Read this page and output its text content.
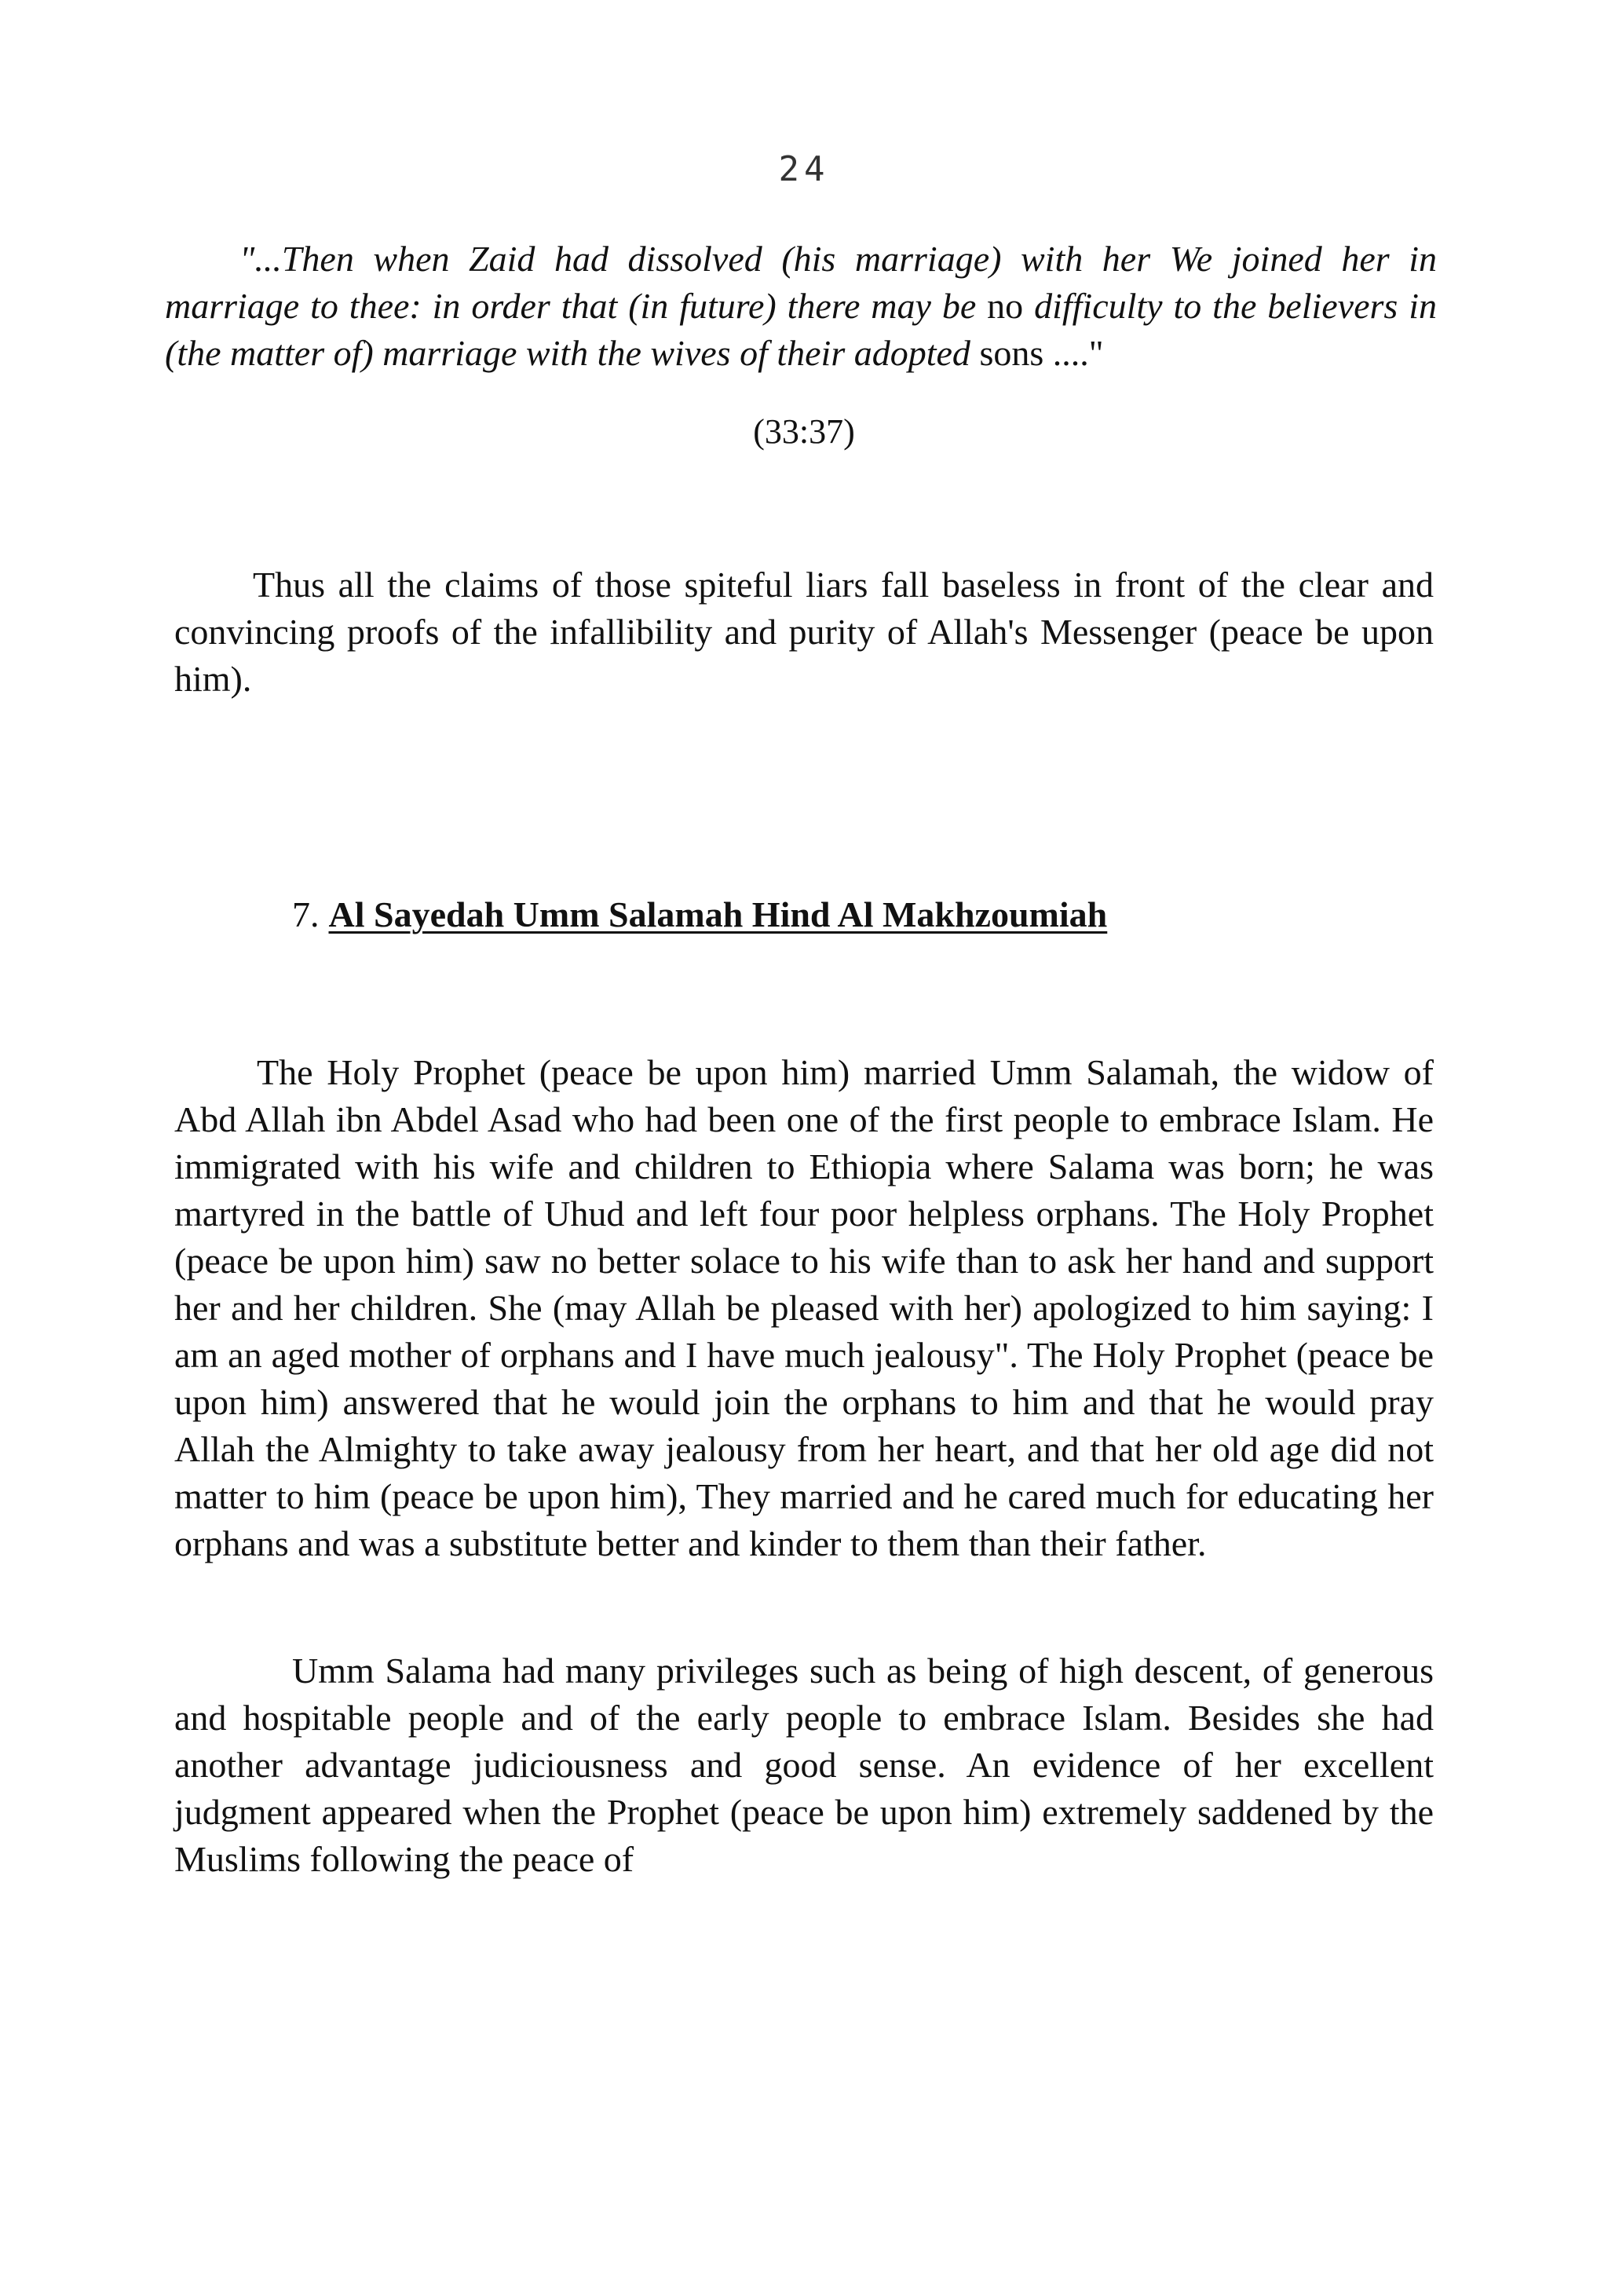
24

"...Then when Zaid had dissolved (his marriage) with her We joined her in marriage to thee: in order that (in future) there may be no difficulty to the believers in (the matter of) marriage with the wives of their adopted sons ...."

(33:37)

Thus all the claims of those spiteful liars fall baseless in front of the clear and convincing proofs of the infallibility and purity of Allah's Messenger (peace be upon him).

7. Al Sayedah Umm Salamah Hind Al Makhzoumiah

The Holy Prophet (peace be upon him) married Umm Salamah, the widow of Abd Allah ibn Abdel Asad who had been one of the first people to embrace Islam. He immigrated with his wife and children to Ethiopia where Salama was born; he was martyred in the battle of Uhud and left four poor helpless orphans. The Holy Prophet (peace be upon him) saw no better solace to his wife than to ask her hand and support her and her children. She (may Allah be pleased with her) apologized to him saying: I am an aged mother of orphans and I have much jealousy". The Holy Prophet (peace be upon him) answered that he would join the orphans to him and that he would pray Allah the Almighty to take away jealousy from her heart, and that her old age did not matter to him (peace be upon him), They married and he cared much for educating her orphans and was a substitute better and kinder to them than their father.

Umm Salama had many privileges such as being of high descent, of generous and hospitable people and of the early people to embrace Islam. Besides she had another advantage judiciousness and good sense. An evidence of her excellent judgment appeared when the Prophet (peace be upon him) extremely saddened by the Muslims following the peace of
